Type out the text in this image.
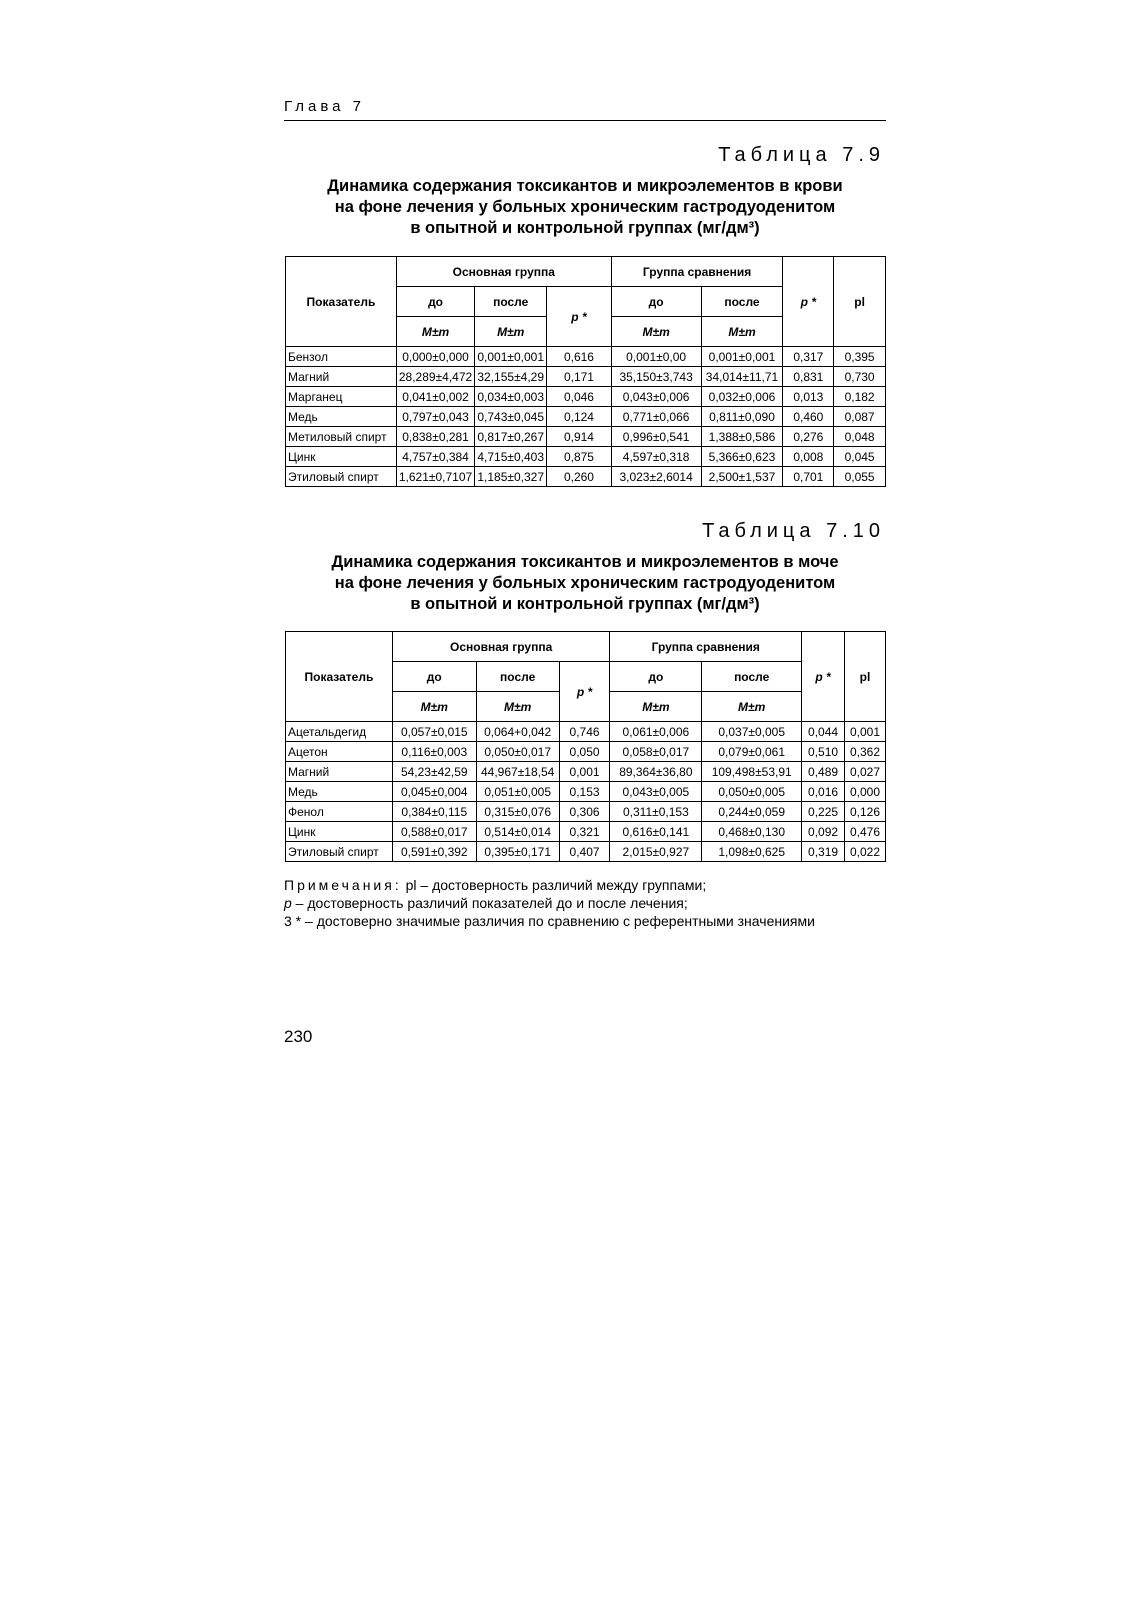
Глава 7
Таблица 7.9
Динамика содержания токсикантов и микроэлементов в крови
на фоне лечения у больных хроническим гастродуоденитом
в опытной и контрольной группах (мг/дм³)
Показатель	Основная группа			Группа сравнения		p *	pl
	до	после	p *	до	после		
	M±m	M±m		M±m	M±m		
Бензол	0,000±0,000	0,001±0,001	0,616	0,001±0,00	0,001±0,001	0,317	0,395
Магний	28,289±4,472	32,155±4,29	0,171	35,150±3,743	34,014±11,71	0,831	0,730
Марганец	0,041±0,002	0,034±0,003	0,046	0,043±0,006	0,032±0,006	0,013	0,182
Медь	0,797±0,043	0,743±0,045	0,124	0,771±0,066	0,811±0,090	0,460	0,087
Метиловый спирт	0,838±0,281	0,817±0,267	0,914	0,996±0,541	1,388±0,586	0,276	0,048
Цинк	4,757±0,384	4,715±0,403	0,875	4,597±0,318	5,366±0,623	0,008	0,045
Этиловый спирт	1,621±0,7107	1,185±0,327	0,260	3,023±2,6014	2,500±1,537	0,701	0,055
Таблица 7.10
Динамика содержания токсикантов и микроэлементов в моче
на фоне лечения у больных хроническим гастродуоденитом
в опытной и контрольной группах (мг/дм³)
Показатель	Основная группа			Группа сравнения		p *	pl
	до	после	p *	до	после		
	M±m	M±m		M±m	M±m		
Ацетальдегид	0,057±0,015	0,064+0,042	0,746	0,061±0,006	0,037±0,005	0,044	0,001
Ацетон	0,116±0,003	0,050±0,017	0,050	0,058±0,017	0,079±0,061	0,510	0,362
Магний	54,23±42,59	44,967±18,54	0,001	89,364±36,80	109,498±53,91	0,489	0,027
Медь	0,045±0,004	0,051±0,005	0,153	0,043±0,005	0,050±0,005	0,016	0,000
Фенол	0,384±0,115	0,315±0,076	0,306	0,311±0,153	0,244±0,059	0,225	0,126
Цинк	0,588±0,017	0,514±0,014	0,321	0,616±0,141	0,468±0,130	0,092	0,476
Этиловый спирт	0,591±0,392	0,395±0,171	0,407	2,015±0,927	1,098±0,625	0,319	0,022
Примечания: pl – достоверность различий между группами;
p – достоверность различий показателей до и после лечения;
3 * – достоверно значимые различия по сравнению с референтными значениями
230
